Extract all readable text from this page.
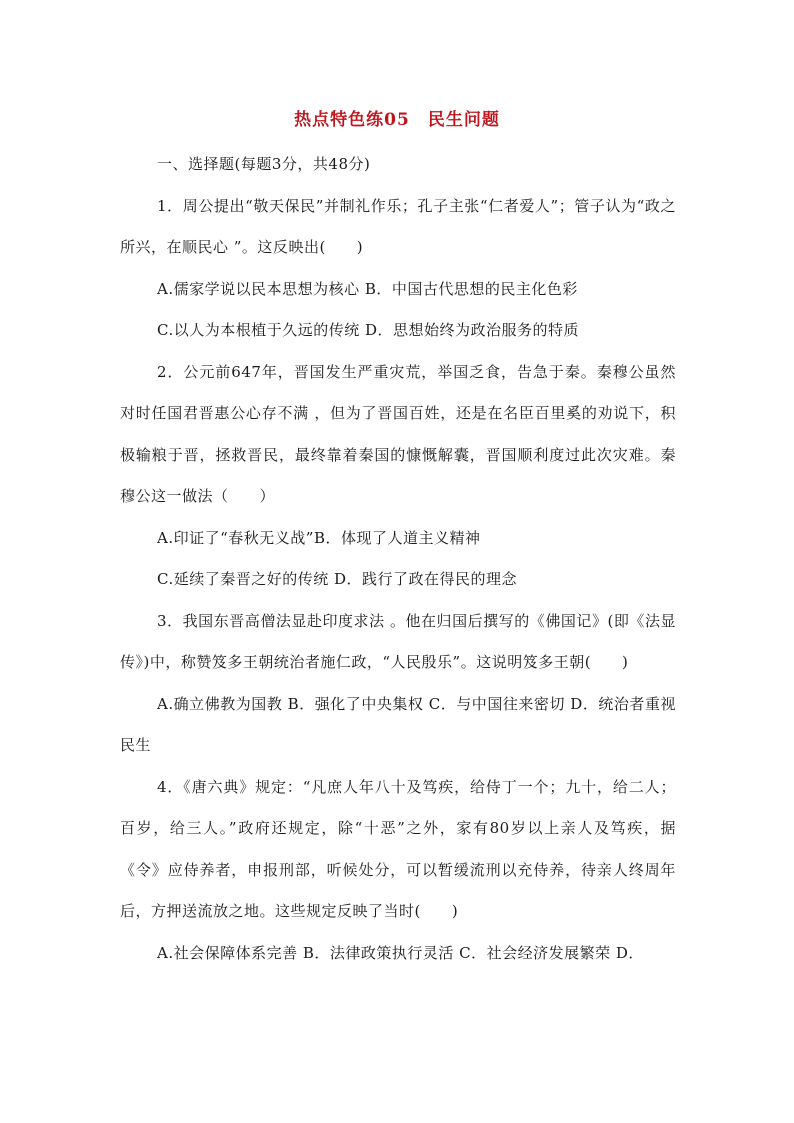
热点特色练05　民生问题

一、选择题(每题3分，共48分)

1．周公提出“敬天保民”并制礼作乐；孔子主张“仁者爱人”；管子认为“政之所兴，在顺民心 ”。这反映出(　　)

A.儒家学说以民本思想为核心 B．中国古代思想的民主化色彩

C.以人为本根植于久远的传统 D．思想始终为政治服务的特质

2．公元前647年，晋国发生严重灾荒，举国乏食，告急于秦。秦穆公虽然对时任国君晋惠公心存不满 ，但为了晋国百姓，还是在名臣百里奚的劝说下，积极输粮于晋，拯救晋民，最终靠着秦国的慷慨解囊，晋国顺利度过此次灾难。秦穆公这一做法（　　）

A.印证了“春秋无义战”B．体现了人道主义精神

C.延续了秦晋之好的传统 D．践行了政在得民的理念

3．我国东晋高僧法显赴印度求法 。他在归国后撰写的《佛国记》(即《法显传》)中，称赞笈多王朝统治者施仁政，“人民殷乐”。这说明笈多王朝(　　)

A.确立佛教为国教 B．强化了中央集权 C．与中国往来密切 D．统治者重视民生

4．《唐六典》规定：“凡庶人年八十及笃疾，给侍丁一个；九十，给二人；百岁，给三人。”政府还规定，除“十恶”之外，家有80岁以上亲人及笃疾，据《令》应侍养者，申报刑部，听候处分，可以暂缓流刑以充侍养，待亲人终周年后，方押送流放之地。这些规定反映了当时(　　)

A.社会保障体系完善 B．法律政策执行灵活 C．社会经济发展繁荣 D．
